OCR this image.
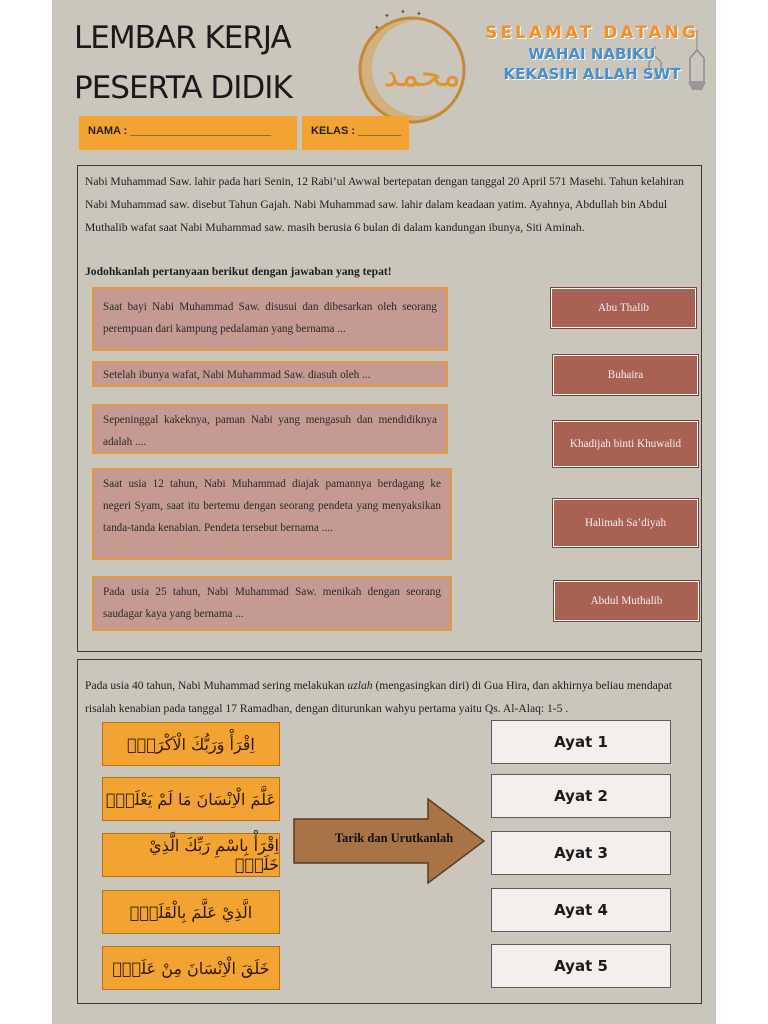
LEMBAR KERJA
PESERTA DIDIK
✦ ✦ ✦
✦
محمد
SELAMAT DATANG
WAHAI NABIKU
KEKASIH ALLAH SWT
NAMA : _______________________	KELAS : _______
Nabi Muhammad Saw. lahir pada hari Senin, 12 Rabi’ul Awwal bertepatan dengan tanggal 20 April 571 Masehi. Tahun kelahiran Nabi Muhammad saw. disebut Tahun Gajah. Nabi Muhammad saw. lahir dalam keadaan yatim. Ayahnya, Abdullah bin Abdul Muthalib wafat saat Nabi Muhammad saw. masih berusia 6 bulan di dalam kandungan ibunya, Siti Aminah.
Jodohkanlah pertanyaan berikut dengan jawaban yang tepat!
Saat bayi Nabi Muhammad Saw. disusui dan dibesarkan oleh seorang perempuan dari kampung pedalaman yang bernama ...
Setelah ibunya wafat, Nabi Muhammad Saw. diasuh oleh ...
Sepeninggal kakeknya, paman Nabi yang mengasuh dan mendidiknya adalah ....
Saat usia 12 tahun, Nabi Muhammad diajak pamannya berdagang ke negeri Syam, saat itu bertemu dengan seorang pendeta yang menyaksikan tanda-tanda kenabian. Pendeta tersebut bernama ....
Pada usia 25 tahun, Nabi Muhammad Saw. menikah dengan seorang saudagar kaya yang bernama ...
Abu Thalib
Buhaira
Khadijah binti Khuwalid
Halimah Sa’diyah
Abdul Muthalib
Pada usia 40 tahun, Nabi Muhammad sering melakukan uzlah (mengasingkan diri) di Gua Hira, dan akhirnya beliau mendapat risalah kenabian pada tanggal 17 Ramadhan, dengan diturunkan wahyu pertama yaitu Qs. Al-Alaq: 1-5 .
اِقْرَأْ وَرَبُّكَ الْاَكْرَمُۙ
عَلَّمَ الْاِنْسَانَ مَا لَمْ يَعْلَمْۗ
اِقْرَأْ بِاسْمِ رَبِّكَ الَّذِيْ خَلَقَۚ
الَّذِيْ عَلَّمَ بِالْقَلَمِۙ
خَلَقَ الْاِنْسَانَ مِنْ عَلَقٍۚ
Tarik dan Urutkanlah
Ayat 1
Ayat 2
Ayat 3
Ayat 4
Ayat 5
